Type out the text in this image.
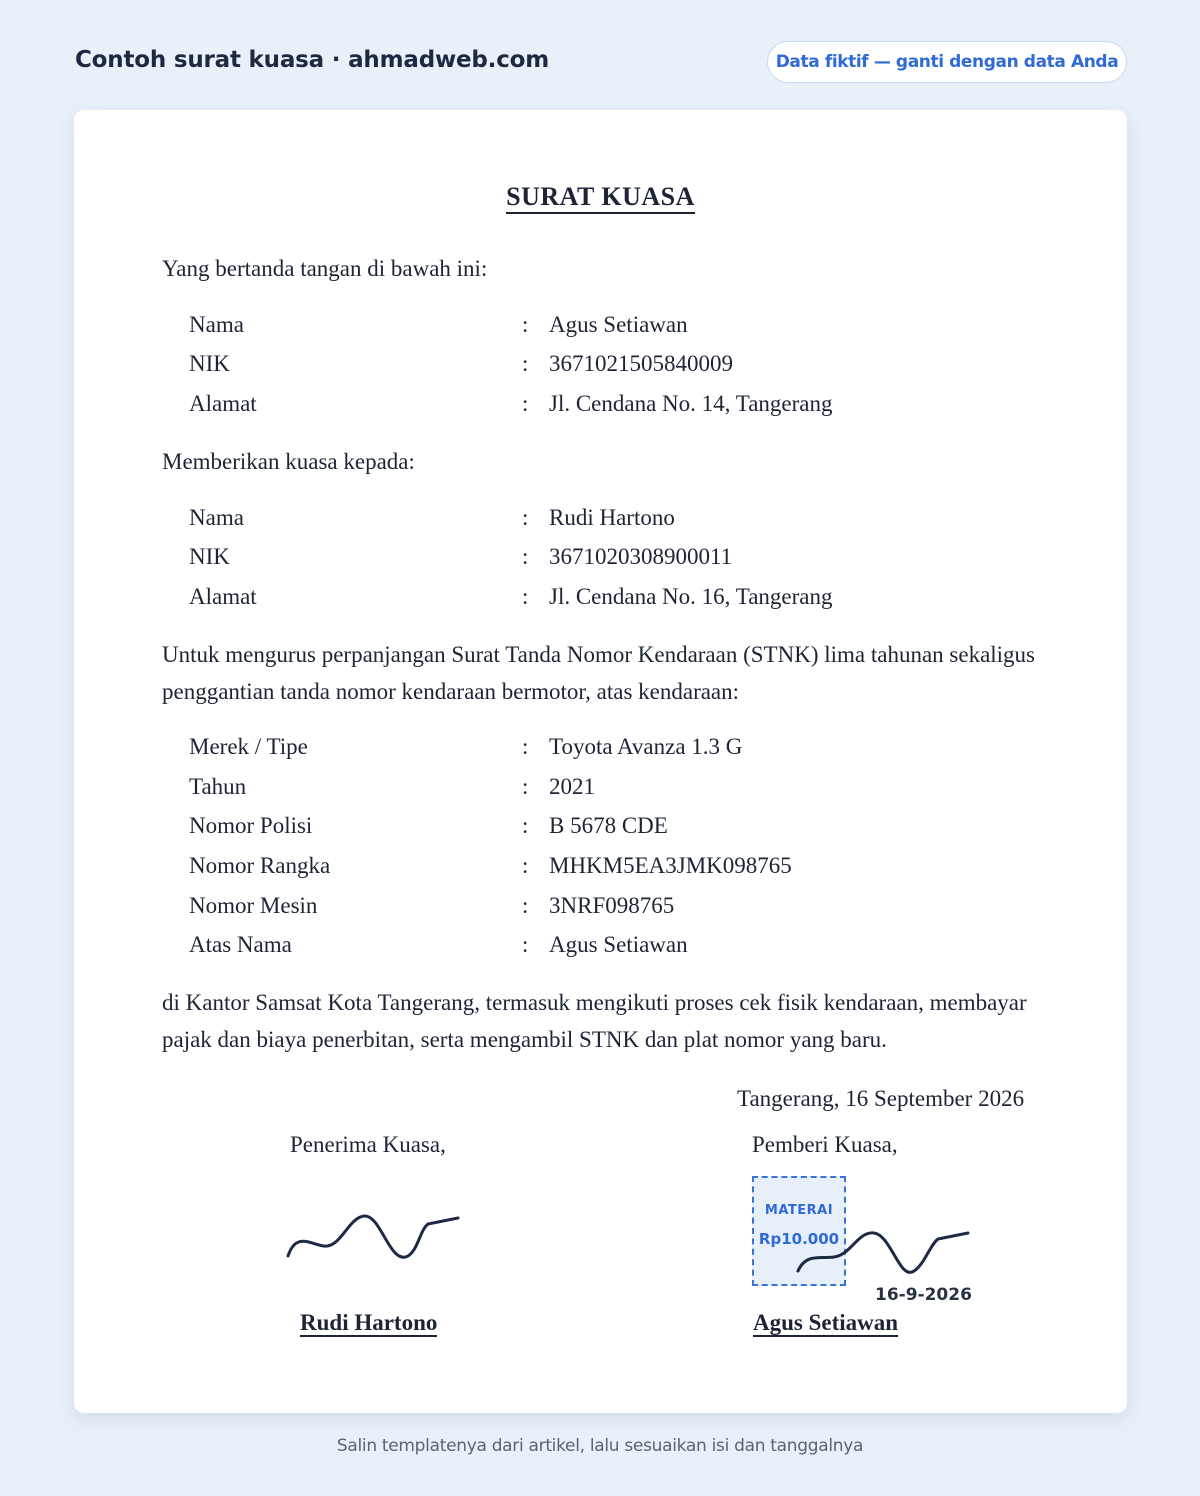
Contoh surat kuasa · ahmadweb.com	Data fiktif — ganti dengan data Anda
SURAT KUASA
Yang bertanda tangan di bawah ini:
Nama	: Agus Setiawan
NIK	: 3671021505840009
Alamat	: Jl. Cendana No. 14, Tangerang
Memberikan kuasa kepada:
Nama	: Rudi Hartono
NIK	: 3671020308900011
Alamat	: Jl. Cendana No. 16, Tangerang
Untuk mengurus perpanjangan Surat Tanda Nomor Kendaraan (STNK) lima tahunan sekaligus penggantian tanda nomor kendaraan bermotor, atas kendaraan:
Merek / Tipe	: Toyota Avanza 1.3 G
Tahun	: 2021
Nomor Polisi	: B 5678 CDE
Nomor Rangka	: MHKM5EA3JMK098765
Nomor Mesin	: 3NRF098765
Atas Nama	: Agus Setiawan
di Kantor Samsat Kota Tangerang, termasuk mengikuti proses cek fisik kendaraan, membayar pajak dan biaya penerbitan, serta mengambil STNK dan plat nomor yang baru.
Tangerang, 16 September 2026
Penerima Kuasa,	Pemberi Kuasa,
MATERAI
Rp10.000
16-9-2026
Rudi Hartono	Agus Setiawan
Salin templatenya dari artikel, lalu sesuaikan isi dan tanggalnya
